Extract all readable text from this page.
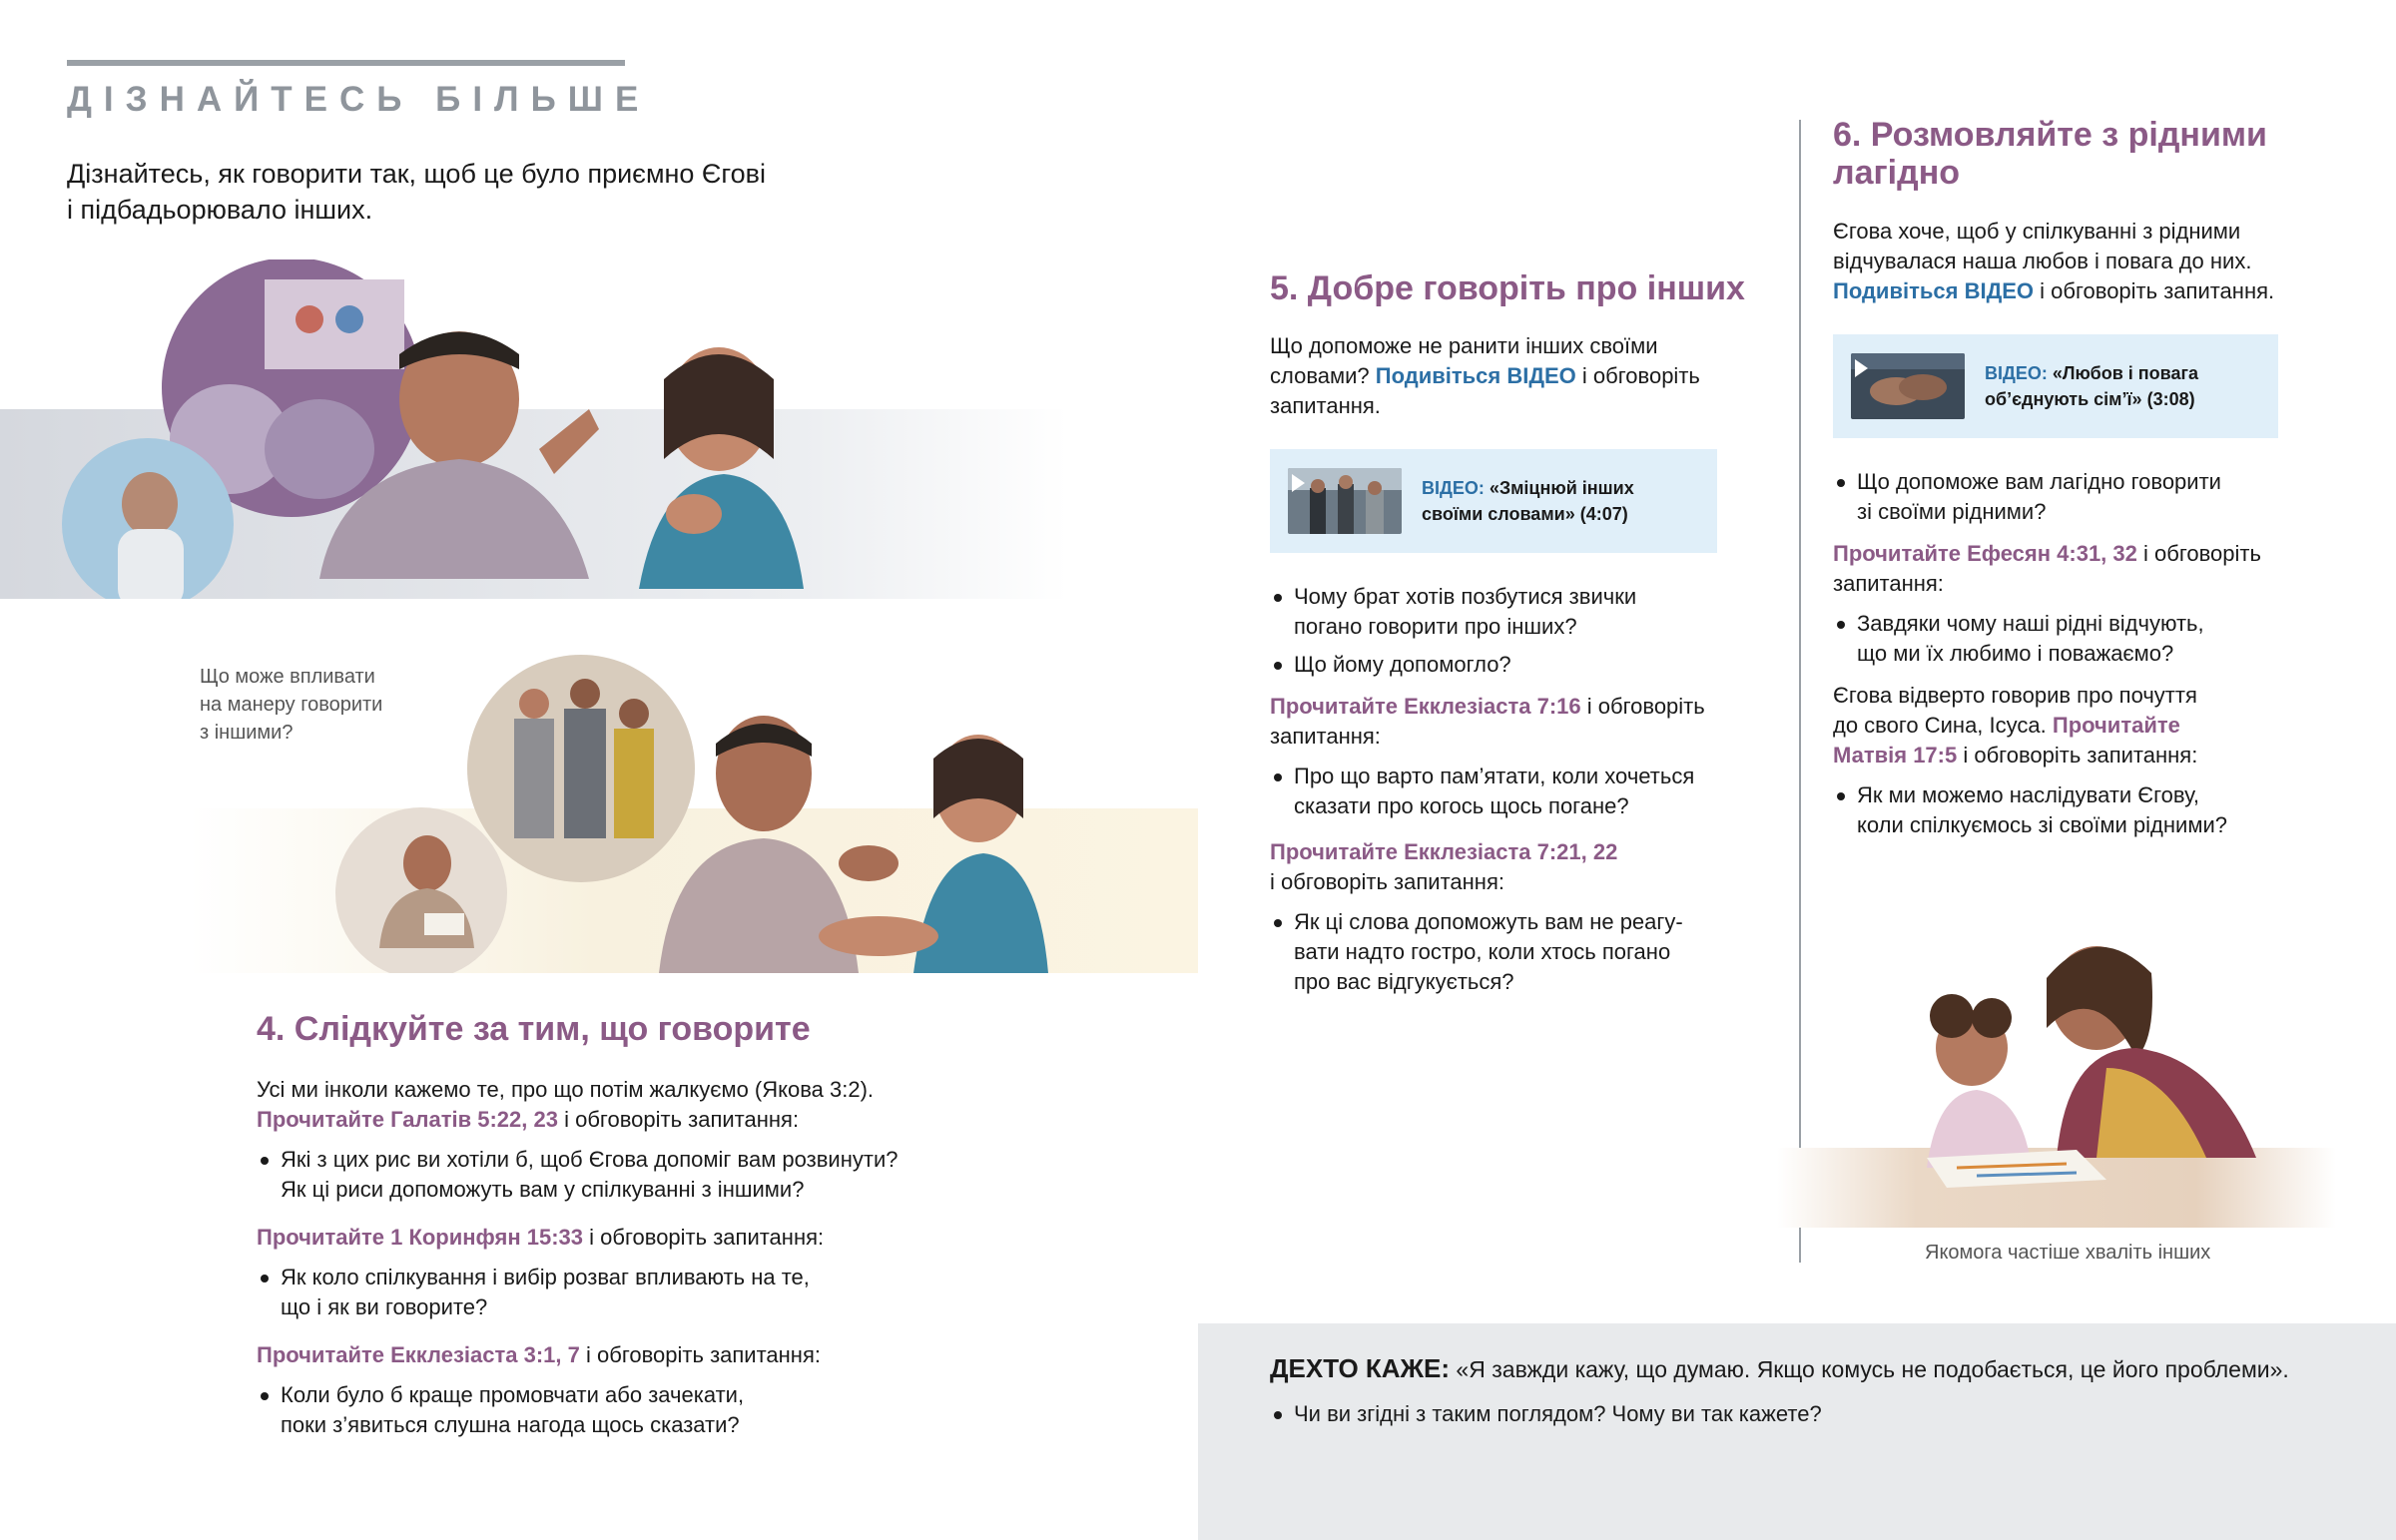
ДІЗНАЙТЕСЬ БІЛЬШЕ
Дізнайтесь, як говорити так, щоб це було приємно Єгові
і підбадьорювало інших.
Що може впливати
на манеру говорити
з іншими?
4. Слідкуйте за тим, що говорите
Усі ми інколи кажемо те, про що потім жалкуємо (Якова 3:2).
Прочитайте Галатів 5:22, 23 і обговоріть запитання:
Які з цих рис ви хотіли б, щоб Єгова допоміг вам розвинути?
Як ці риси допоможуть вам у спілкуванні з іншими?
Прочитайте 1 Коринфян 15:33 і обговоріть запитання:
Як коло спілкування і вибір розваг впливають на те,
що і як ви говорите?
Прочитайте Екклезіаста 3:1, 7 і обговоріть запитання:
Коли було б краще промовчати або зачекати,
поки з’явиться слушна нагода щось сказати?
5. Добре говоріть про інших
Що допоможе не ранити інших своїми
словами? Подивіться ВІДЕО і обговоріть
запитання.
ВІДЕО: «Зміцнюй інших
своїми словами» (4:07)
Чому брат хотів позбутися звички
погано говорити про інших?
Що йому допомогло?
Прочитайте Екклезіаста 7:16 і обговоріть
запитання:
Про що варто пам’ятати, коли хочеться
сказати про когось щось погане?
Прочитайте Екклезіаста 7:21, 22
і обговоріть запитання:
Як ці слова допоможуть вам не реагу-
вати надто гостро, коли хтось погано
про вас відгукується?
6. Розмовляйте з рідними
лагідно
Єгова хоче, щоб у спілкуванні з рідними
відчувалася наша любов і повага до них.
Подивіться ВІДЕО і обговоріть запитання.
ВІДЕО: «Любов і повага
об’єднують сім’ї» (3:08)
Що допоможе вам лагідно говорити
зі своїми рідними?
Прочитайте Ефесян 4:31, 32 і обговоріть
запитання:
Завдяки чому наші рідні відчують,
що ми їх любимо і поважаємо?
Єгова відверто говорив про почуття
до свого Сина, Ісуса. Прочитайте
Матвія 17:5 і обговоріть запитання:
Як ми можемо наслідувати Єгову,
коли спілкуємось зі своїми рідними?
Якомога частіше хваліть інших
ДЕХТО КАЖЕ: «Я завжди кажу, що думаю. Якщо комусь не подобається, це його проблеми».
Чи ви згідні з таким поглядом? Чому ви так кажете?
